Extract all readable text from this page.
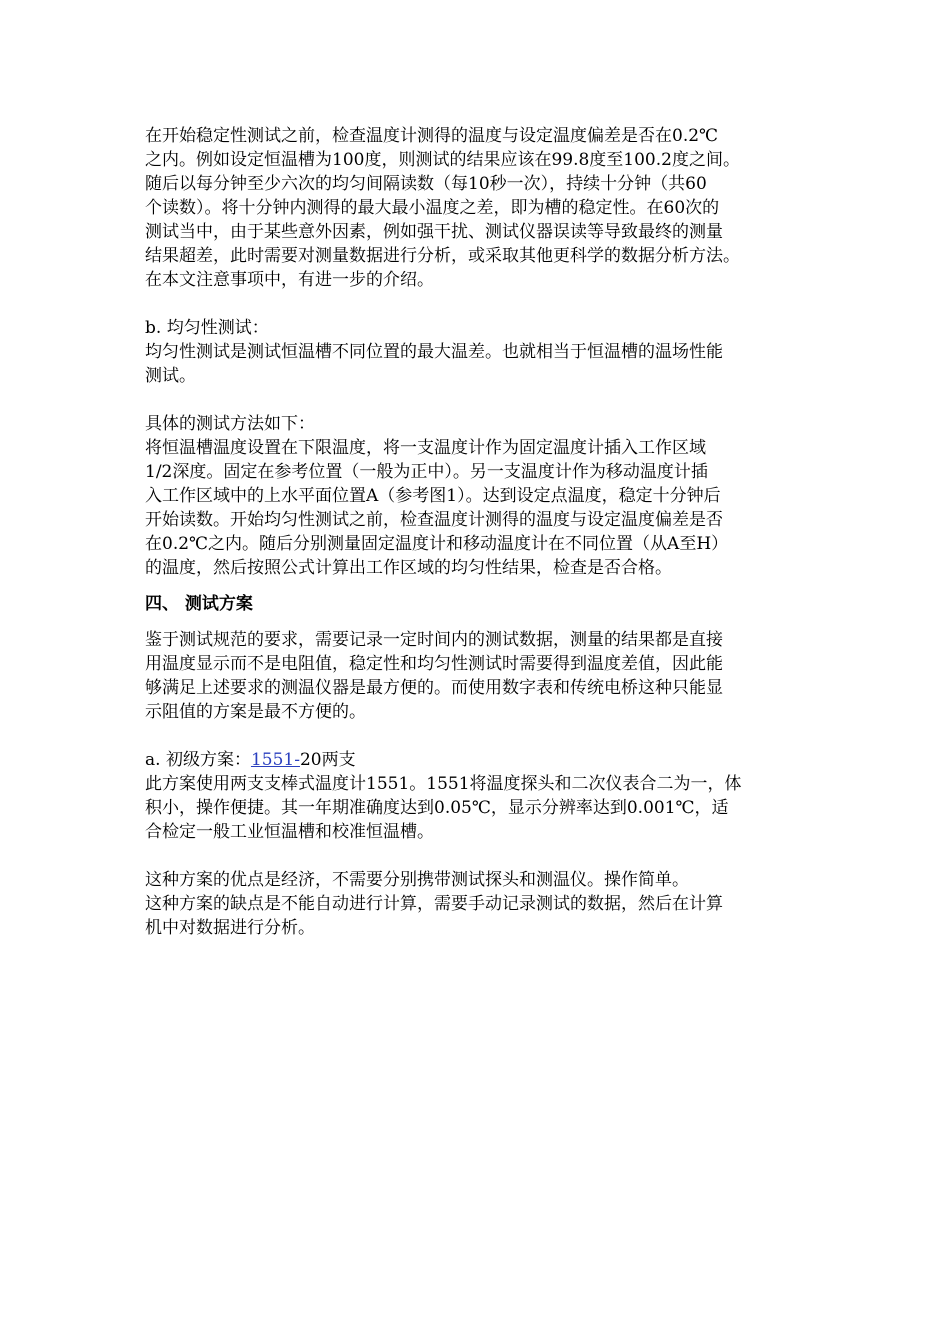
在开始稳定性测试之前，检查温度计测得的温度与设定温度偏差是否在0.2℃
之内。例如设定恒温槽为100度，则测试的结果应该在99.8度至100.2度之间。
随后以每分钟至少六次的均匀间隔读数（每10秒一次），持续十分钟（共60
个读数）。将十分钟内测得的最大最小温度之差，即为槽的稳定性。在60次的
测试当中，由于某些意外因素，例如强干扰、测试仪器误读等导致最终的测量
结果超差，此时需要对测量数据进行分析，或采取其他更科学的数据分析方法。
在本文注意事项中，有进一步的介绍。

b. 均匀性测试：
均匀性测试是测试恒温槽不同位置的最大温差。也就相当于恒温槽的温场性能
测试。

具体的测试方法如下：
将恒温槽温度设置在下限温度，将一支温度计作为固定温度计插入工作区域
1/2深度。固定在参考位置（一般为正中）。另一支温度计作为移动温度计插
入工作区域中的上水平面位置A（参考图1）。达到设定点温度，稳定十分钟后
开始读数。开始均匀性测试之前，检查温度计测得的温度与设定温度偏差是否
在0.2℃之内。随后分别测量固定温度计和移动温度计在不同位置（从A至H）
的温度，然后按照公式计算出工作区域的均匀性结果，检查是否合格。

四、 测试方案

鉴于测试规范的要求，需要记录一定时间内的测试数据，测量的结果都是直接
用温度显示而不是电阻值，稳定性和均匀性测试时需要得到温度差值，因此能
够满足上述要求的测温仪器是最方便的。而使用数字表和传统电桥这种只能显
示阻值的方案是最不方便的。

a. 初级方案：1551-20两支
此方案使用两支支棒式温度计1551。1551将温度探头和二次仪表合二为一，体
积小，操作便捷。其一年期准确度达到0.05℃，显示分辨率达到0.001℃，适
合检定一般工业恒温槽和校准恒温槽。

这种方案的优点是经济，不需要分别携带测试探头和测温仪。操作简单。
这种方案的缺点是不能自动进行计算，需要手动记录测试的数据，然后在计算
机中对数据进行分析。
